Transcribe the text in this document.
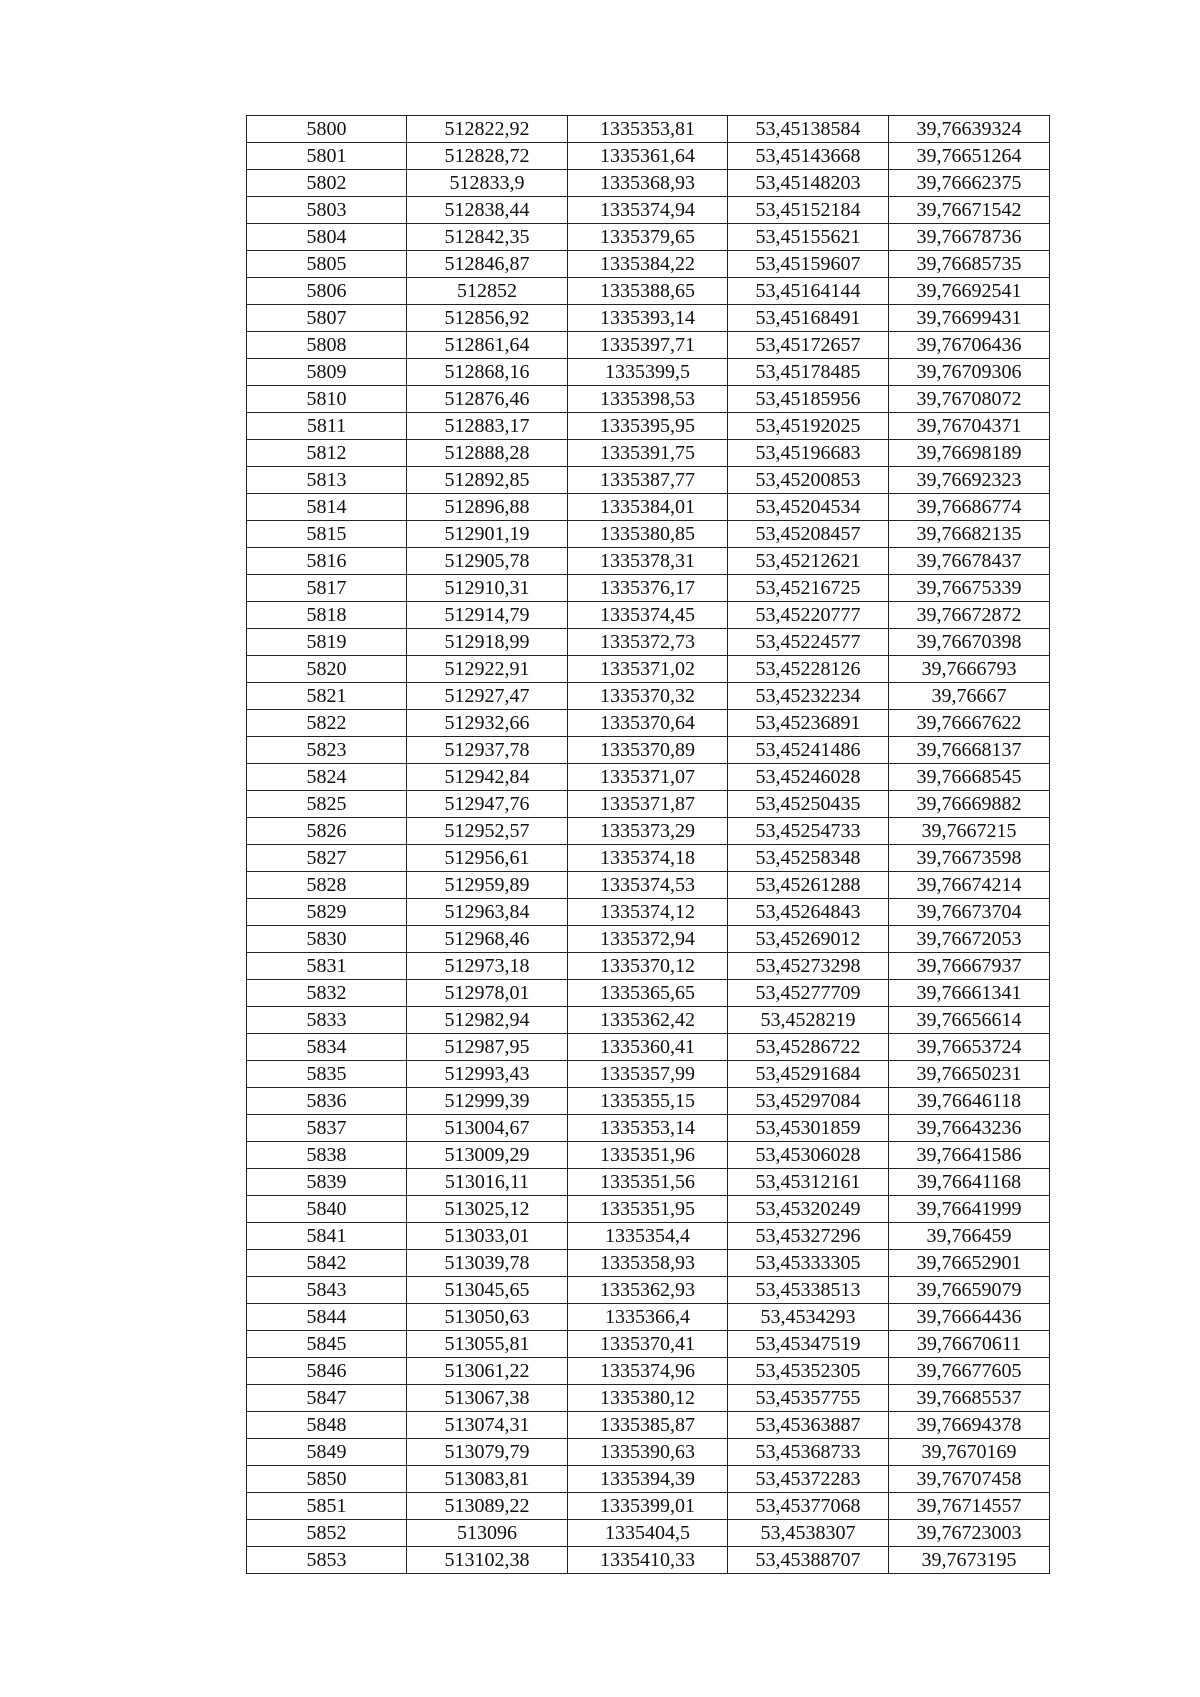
5800	512822,92	1335353,81	53,45138584	39,76639324
5801	512828,72	1335361,64	53,45143668	39,76651264
5802	512833,9	1335368,93	53,45148203	39,76662375
5803	512838,44	1335374,94	53,45152184	39,76671542
5804	512842,35	1335379,65	53,45155621	39,76678736
5805	512846,87	1335384,22	53,45159607	39,76685735
5806	512852	1335388,65	53,45164144	39,76692541
5807	512856,92	1335393,14	53,45168491	39,76699431
5808	512861,64	1335397,71	53,45172657	39,76706436
5809	512868,16	1335399,5	53,45178485	39,76709306
5810	512876,46	1335398,53	53,45185956	39,76708072
5811	512883,17	1335395,95	53,45192025	39,76704371
5812	512888,28	1335391,75	53,45196683	39,76698189
5813	512892,85	1335387,77	53,45200853	39,76692323
5814	512896,88	1335384,01	53,45204534	39,76686774
5815	512901,19	1335380,85	53,45208457	39,76682135
5816	512905,78	1335378,31	53,45212621	39,76678437
5817	512910,31	1335376,17	53,45216725	39,76675339
5818	512914,79	1335374,45	53,45220777	39,76672872
5819	512918,99	1335372,73	53,45224577	39,76670398
5820	512922,91	1335371,02	53,45228126	39,7666793
5821	512927,47	1335370,32	53,45232234	39,76667
5822	512932,66	1335370,64	53,45236891	39,76667622
5823	512937,78	1335370,89	53,45241486	39,76668137
5824	512942,84	1335371,07	53,45246028	39,76668545
5825	512947,76	1335371,87	53,45250435	39,76669882
5826	512952,57	1335373,29	53,45254733	39,7667215
5827	512956,61	1335374,18	53,45258348	39,76673598
5828	512959,89	1335374,53	53,45261288	39,76674214
5829	512963,84	1335374,12	53,45264843	39,76673704
5830	512968,46	1335372,94	53,45269012	39,76672053
5831	512973,18	1335370,12	53,45273298	39,76667937
5832	512978,01	1335365,65	53,45277709	39,76661341
5833	512982,94	1335362,42	53,4528219	39,76656614
5834	512987,95	1335360,41	53,45286722	39,76653724
5835	512993,43	1335357,99	53,45291684	39,76650231
5836	512999,39	1335355,15	53,45297084	39,76646118
5837	513004,67	1335353,14	53,45301859	39,76643236
5838	513009,29	1335351,96	53,45306028	39,76641586
5839	513016,11	1335351,56	53,45312161	39,76641168
5840	513025,12	1335351,95	53,45320249	39,76641999
5841	513033,01	1335354,4	53,45327296	39,766459
5842	513039,78	1335358,93	53,45333305	39,76652901
5843	513045,65	1335362,93	53,45338513	39,76659079
5844	513050,63	1335366,4	53,4534293	39,76664436
5845	513055,81	1335370,41	53,45347519	39,76670611
5846	513061,22	1335374,96	53,45352305	39,76677605
5847	513067,38	1335380,12	53,45357755	39,76685537
5848	513074,31	1335385,87	53,45363887	39,76694378
5849	513079,79	1335390,63	53,45368733	39,7670169
5850	513083,81	1335394,39	53,45372283	39,76707458
5851	513089,22	1335399,01	53,45377068	39,76714557
5852	513096	1335404,5	53,4538307	39,76723003
5853	513102,38	1335410,33	53,45388707	39,7673195
